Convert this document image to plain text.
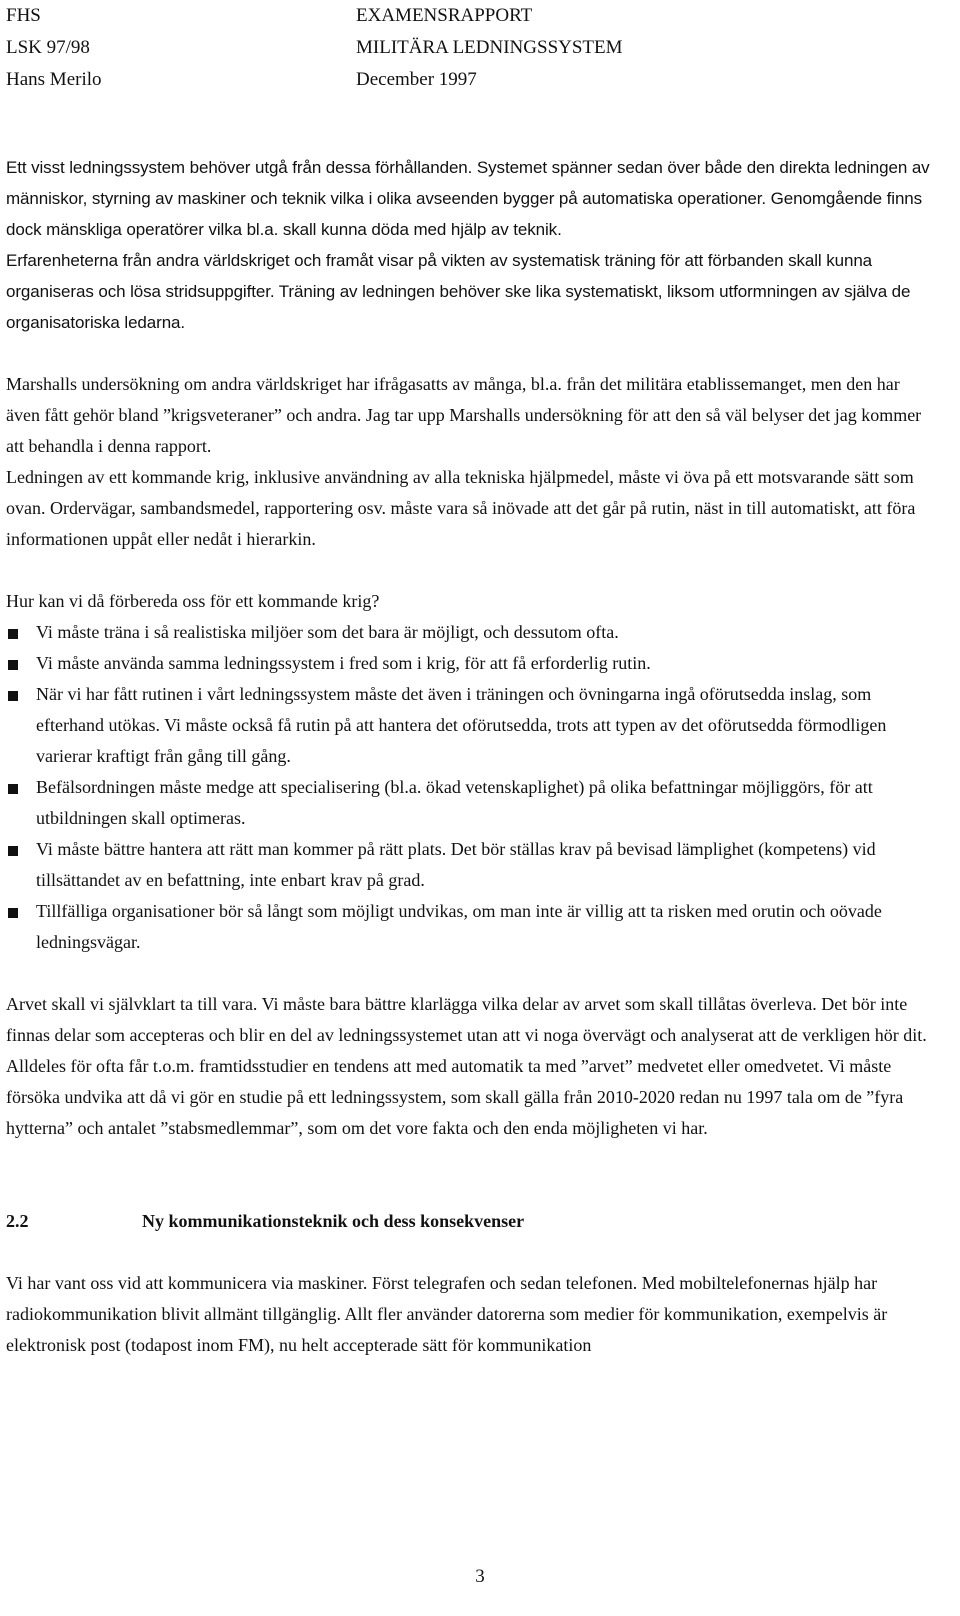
FHS	EXAMENSRAPPORT
LSK 97/98	MILITÄRA LEDNINGSSYSTEM
Hans Merilo	December 1997

Ett visst ledningssystem behöver utgå från dessa förhållanden. Systemet spänner sedan över både den direkta ledningen av människor, styrning av maskiner och teknik vilka i olika avseenden bygger på automatiska operationer. Genomgående finns dock mänskliga operatörer vilka bl.a. skall kunna döda med hjälp av teknik.

Erfarenheterna från andra världskriget och framåt visar på vikten av systematisk träning för att förbanden skall kunna organiseras och lösa stridsuppgifter. Träning av ledningen behöver ske lika systematiskt, liksom utformningen av själva de organisatoriska ledarna.

Marshalls undersökning om andra världskriget har ifrågasatts av många, bl.a. från det militära etablissemanget, men den har även fått gehör bland ”krigsveteraner” och andra. Jag tar upp Marshalls undersökning för att den så väl belyser det jag kommer att behandla i denna rapport.

Ledningen av ett kommande krig, inklusive användning av alla tekniska hjälpmedel, måste vi öva på ett motsvarande sätt som ovan. Ordervägar, sambandsmedel, rapportering osv. måste vara så inövade att det går på rutin, näst in till automatiskt, att föra informationen uppåt eller nedåt i hierarkin.

Hur kan vi då förbereda oss för ett kommande krig?

Vi måste träna i så realistiska miljöer som det bara är möjligt, och dessutom ofta.
Vi måste använda samma ledningssystem i fred som i krig, för att få erforderlig rutin.
När vi har fått rutinen i vårt ledningssystem måste det även i träningen och övningarna ingå oförutsedda inslag, som efterhand utökas. Vi måste också få rutin på att hantera det oförutsedda, trots att typen av det oförutsedda förmodligen varierar kraftigt från gång till gång.
Befälsordningen måste medge att specialisering (bl.a. ökad vetenskaplighet) på olika befattningar möjliggörs, för att utbildningen skall optimeras.
Vi måste bättre hantera att rätt man kommer på rätt plats. Det bör ställas krav på bevisad lämplighet (kompetens) vid tillsättandet av en befattning, inte enbart krav på grad.
Tillfälliga organisationer bör så långt som möjligt undvikas, om man inte är villig att ta risken med orutin och oövade ledningsvägar.

Arvet skall vi självklart ta till vara. Vi måste bara bättre klarlägga vilka delar av arvet som skall tillåtas överleva. Det bör inte finnas delar som accepteras och blir en del av ledningssystemet utan att vi noga övervägt och analyserat att de verkligen hör dit. Alldeles för ofta får t.o.m. framtidsstudier en tendens att med automatik ta med ”arvet” medvetet eller omedvetet. Vi måste försöka undvika att då vi gör en studie på ett ledningssystem, som skall gälla från 2010-2020 redan nu 1997 tala om de ”fyra hytterna” och antalet ”stabsmedlemmar”, som om det vore fakta och den enda möjligheten vi har.

2.2	Ny kommunikationsteknik och dess konsekvenser

Vi har vant oss vid att kommunicera via maskiner. Först telegrafen och sedan telefonen. Med mobiltelefonernas hjälp har radiokommunikation blivit allmänt tillgänglig. Allt fler använder datorerna som medier för kommunikation, exempelvis är elektronisk post (todapost inom FM), nu helt accepterade sätt för kommunikation

3
